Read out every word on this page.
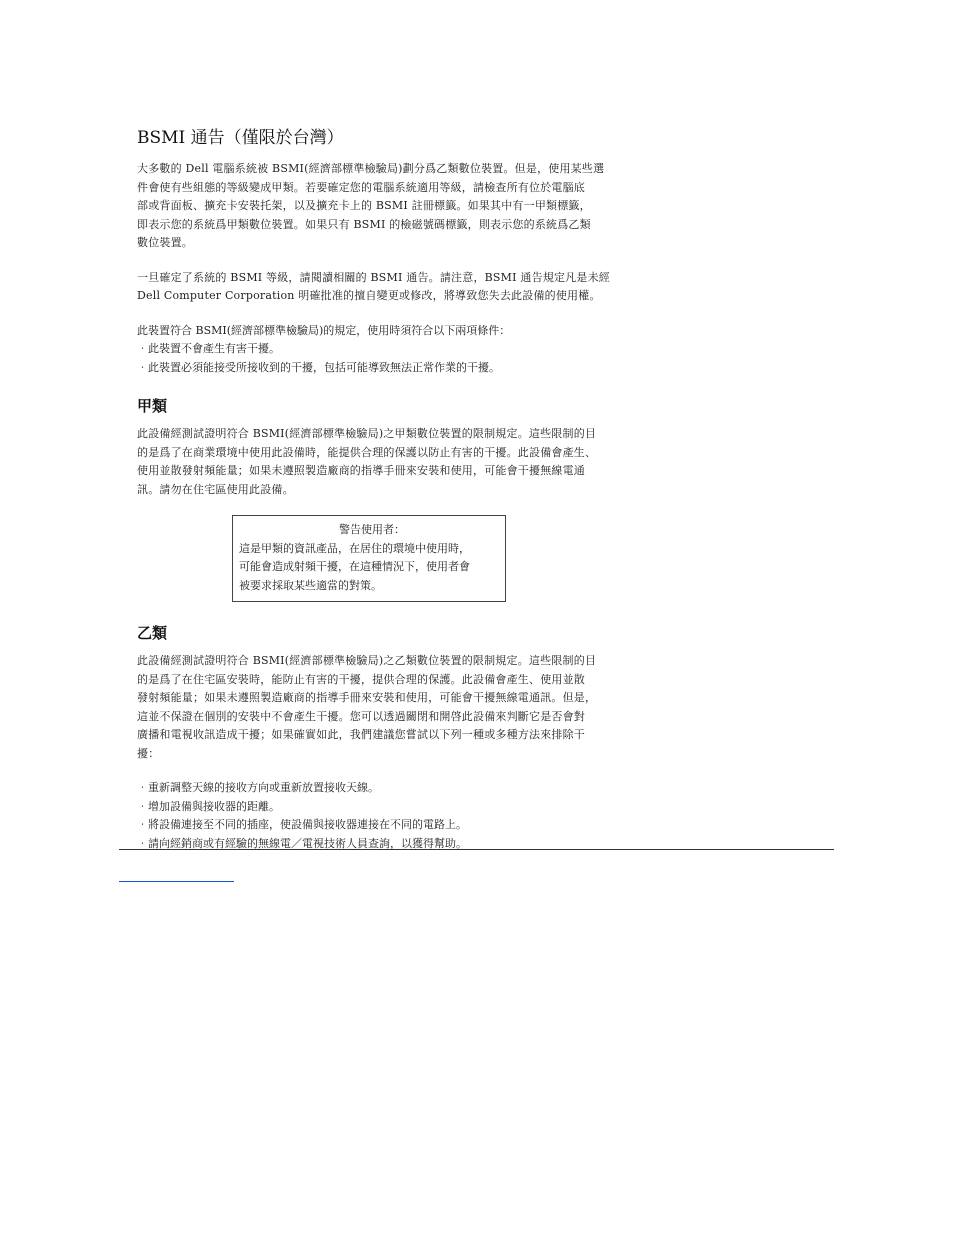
BSMI 通告（僅限於台灣）
大多數的 Dell 電腦系統被 BSMI(經濟部標準檢驗局)劃分爲乙類數位裝置。但是，使用某些選
件會使有些組態的等級變成甲類。若要確定您的電腦系統適用等級，請檢查所有位於電腦底
部或背面板、擴充卡安裝托架，以及擴充卡上的 BSMI 註冊標籤。如果其中有一甲類標籤，
即表示您的系統爲甲類數位裝置。如果只有 BSMI 的檢磁號碼標籤，則表示您的系統爲乙類
數位裝置。
一旦確定了系統的 BSMI 等級，請閱讀相關的 BSMI 通告。請注意，BSMI 通告規定凡是未經
Dell Computer Corporation 明確批准的擅自變更或修改，將導致您失去此設備的使用權。
此裝置符合 BSMI(經濟部標準檢驗局)的規定，使用時須符合以下兩項條件：
‧此裝置不會產生有害干擾。
‧此裝置必須能接受所接收到的干擾，包括可能導致無法正常作業的干擾。
甲類
此設備經測試證明符合 BSMI(經濟部標準檢驗局)之甲類數位裝置的限制規定。這些限制的目
的是爲了在商業環境中使用此設備時，能提供合理的保護以防止有害的干擾。此設備會產生、
使用並散發射頻能量；如果未遵照製造廠商的指導手冊來安裝和使用，可能會干擾無線電通
訊。請勿在住宅區使用此設備。
警告使用者：
這是甲類的資訊產品，在居住的環境中使用時，
可能會造成射頻干擾，在這種情況下，使用者會
被要求採取某些適當的對策。
乙類
此設備經測試證明符合 BSMI(經濟部標準檢驗局)之乙類數位裝置的限制規定。這些限制的目
的是爲了在住宅區安裝時，能防止有害的干擾，提供合理的保護。此設備會產生、使用並散
發射頻能量；如果未遵照製造廠商的指導手冊來安裝和使用，可能會干擾無線電通訊。但是，
這並不保證在個別的安裝中不會產生干擾。您可以透過關閉和開啓此設備來判斷它是否會對
廣播和電視收訊造成干擾；如果確實如此，我們建議您嘗試以下列一種或多種方法來排除干
擾：
‧重新調整天線的接收方向或重新放置接收天線。
‧增加設備與接收器的距離。
‧將設備連接至不同的插座，使設備與接收器連接在不同的電路上。
‧請向經銷商或有經驗的無線電／電視技術人員查詢，以獲得幫助。
